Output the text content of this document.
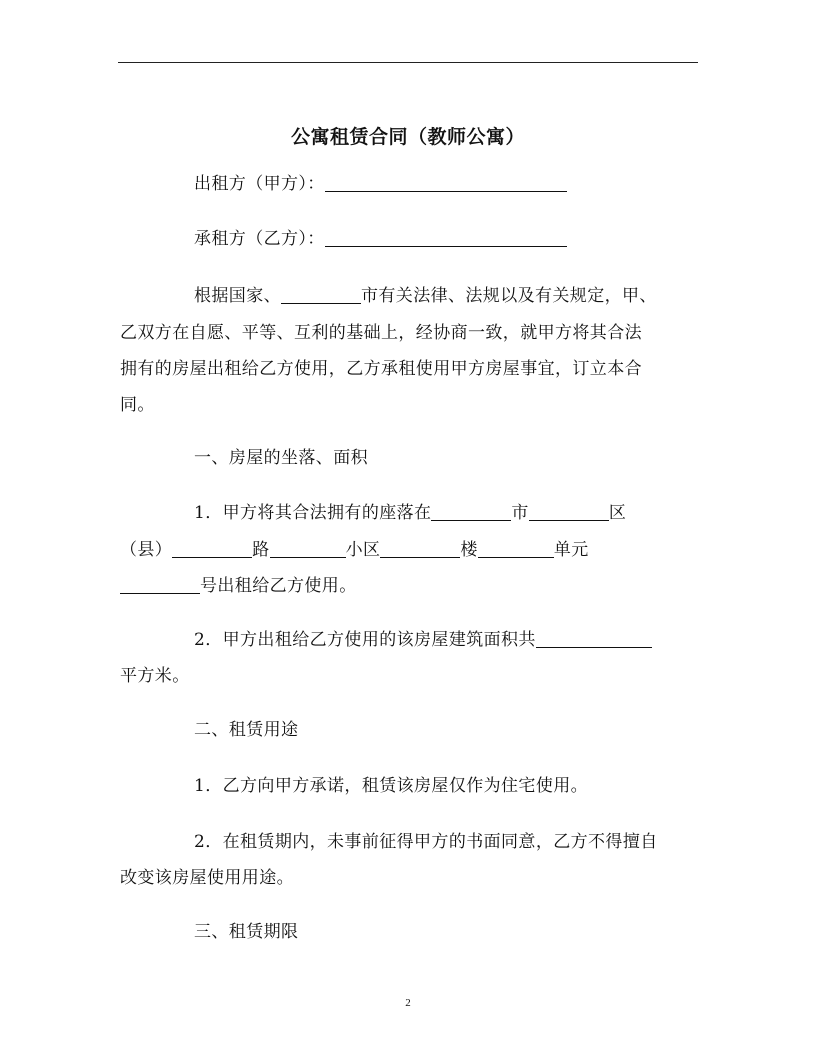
公寓租赁合同（教师公寓）
出租方（甲方）：
承租方（乙方）：
根据国家、	市有关法律、法规以及有关规定，甲、
乙双方在自愿、平等、互利的基础上，经协商一致，就甲方将其合法
拥有的房屋出租给乙方使用，乙方承租使用甲方房屋事宜，订立本合
同。
一、房屋的坐落、面积
1．甲方将其合法拥有的座落在	市	区
（县）	路	小区	楼	单元
号出租给乙方使用。
2．甲方出租给乙方使用的该房屋建筑面积共
平方米。
二、租赁用途
1．乙方向甲方承诺，租赁该房屋仅作为住宅使用。
2．在租赁期内，未事前征得甲方的书面同意，乙方不得擅自
改变该房屋使用用途。
三、租赁期限
2
